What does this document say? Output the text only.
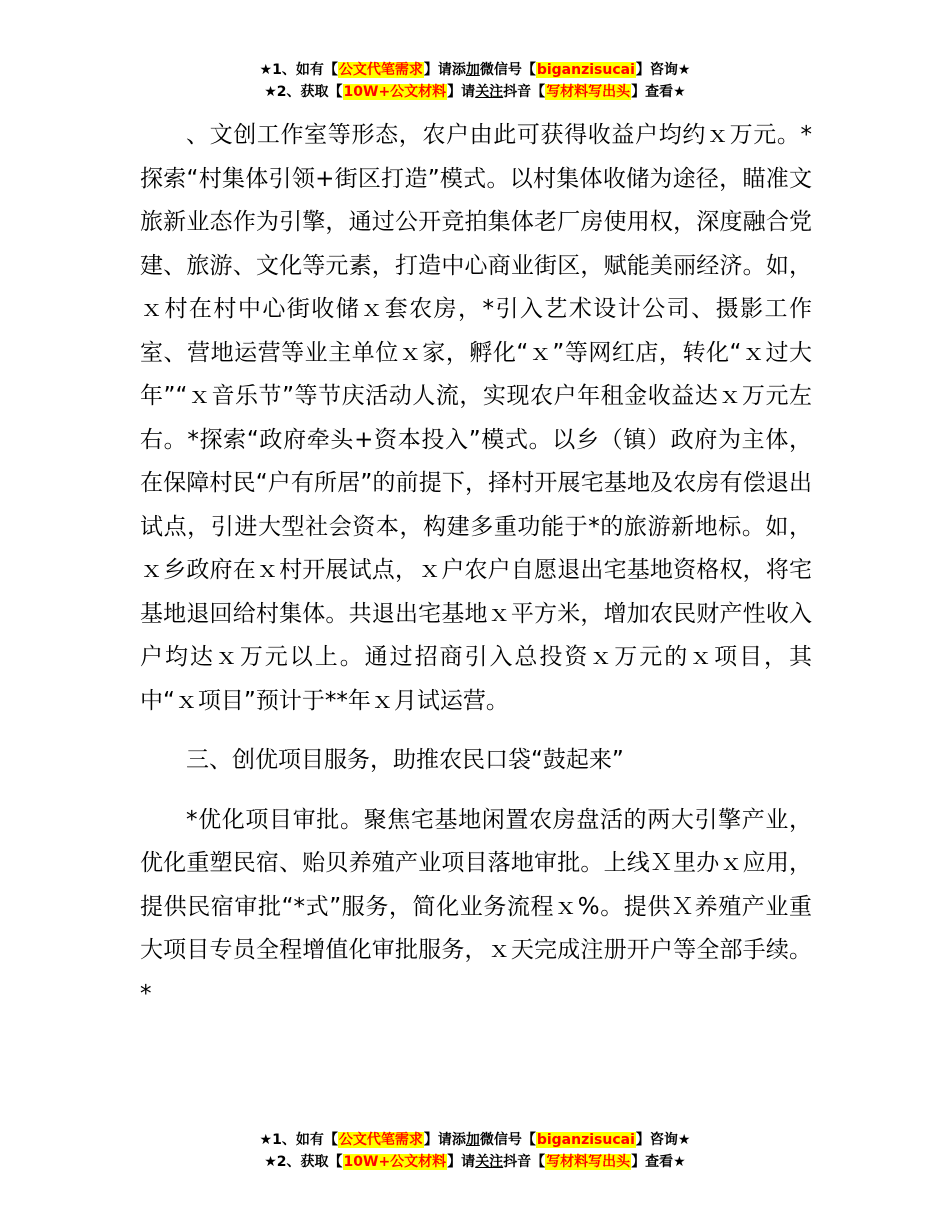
★1、如有【公文代笔需求】请添加微信号【biganzisucai】咨询★
★2、获取【10W+公文材料】请关注抖音【写材料写出头】查看★

、文创工作室等形态，农户由此可获得收益户均约ｘ万元。*探索“村集体引领+街区打造”模式。以村集体收储为途径，瞄准文旅新业态作为引擎，通过公开竞拍集体老厂房使用权，深度融合党建、旅游、文化等元素，打造中心商业街区，赋能美丽经济。如，ｘ村在村中心街收储ｘ套农房，*引入艺术设计公司、摄影工作室、营地运营等业主单位ｘ家，孵化“ｘ”等网红店，转化“ｘ过大年”“ｘ音乐节”等节庆活动人流，实现农户年租金收益达ｘ万元左右。*探索“政府牵头+资本投入”模式。以乡（镇）政府为主体，在保障村民“户有所居”的前提下，择村开展宅基地及农房有偿退出试点，引进大型社会资本，构建多重功能于*的旅游新地标。如，ｘ乡政府在ｘ村开展试点，ｘ户农户自愿退出宅基地资格权，将宅基地退回给村集体。共退出宅基地ｘ平方米，增加农民财产性收入户均达ｘ万元以上。通过招商引入总投资ｘ万元的ｘ项目，其中“ｘ项目”预计于**年ｘ月试运营。

三、创优项目服务，助推农民口袋“鼓起来”

*优化项目审批。聚焦宅基地闲置农房盘活的两大引擎产业，优化重塑民宿、贻贝养殖产业项目落地审批。上线Ｘ里办ｘ应用，提供民宿审批“*式”服务，简化业务流程ｘ%。提供Ｘ养殖产业重大项目专员全程增值化审批服务，ｘ天完成注册开户等全部手续。*

★1、如有【公文代笔需求】请添加微信号【biganzisucai】咨询★
★2、获取【10W+公文材料】请关注抖音【写材料写出头】查看★
